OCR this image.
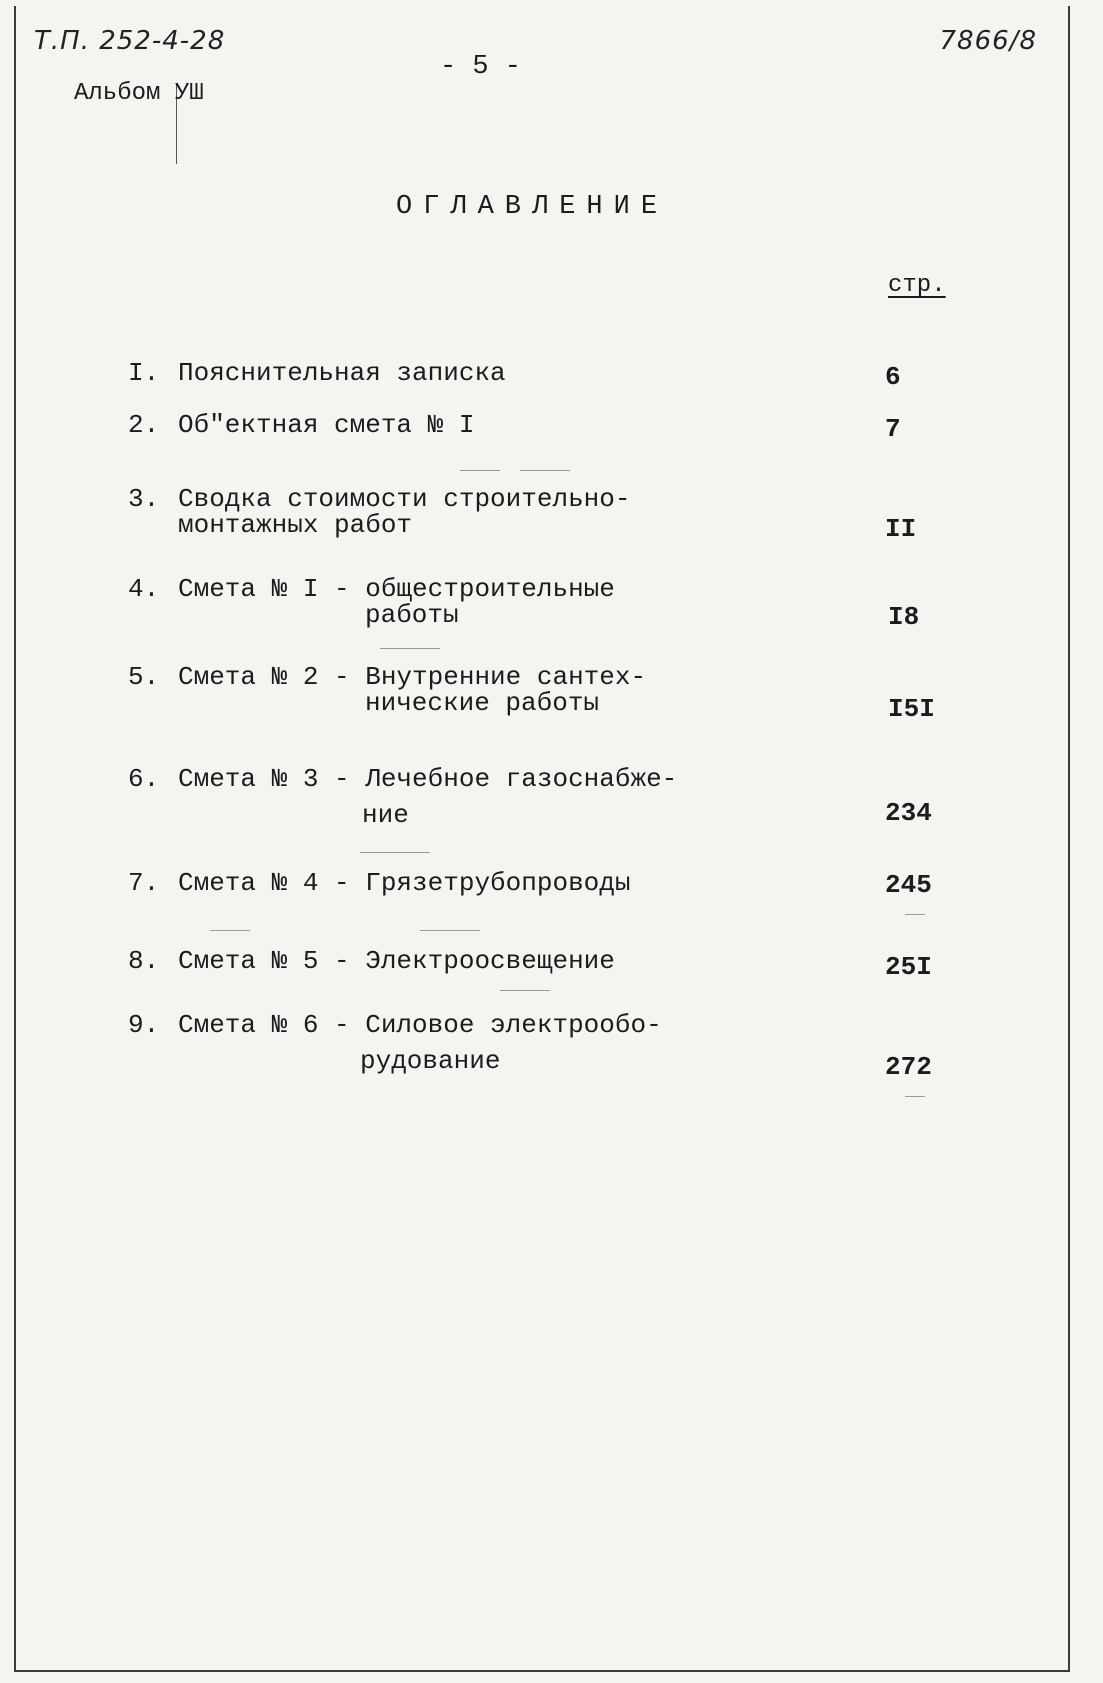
Т.П. 252-4-28	7866/8
- 5 -
Альбом УШ
ОГЛАВЛЕНИЕ
стр.
I. Пояснительная записка	6
2. Об"ектная смета № I	7
3. Сводка стоимости строительно-
монтажных работ	II
4. Смета № I - общестроительные
работы	I8
5. Смета № 2 - Внутренние сантех-
нические работы	I5I
6. Смета № 3 - Лечебное газоснабже-
ние	234
7. Смета № 4 - Грязетрубопроводы	245
8. Смета № 5 - Электроосвещение	25I
9. Смета № 6 - Силовое электрообо-
рудование	272
